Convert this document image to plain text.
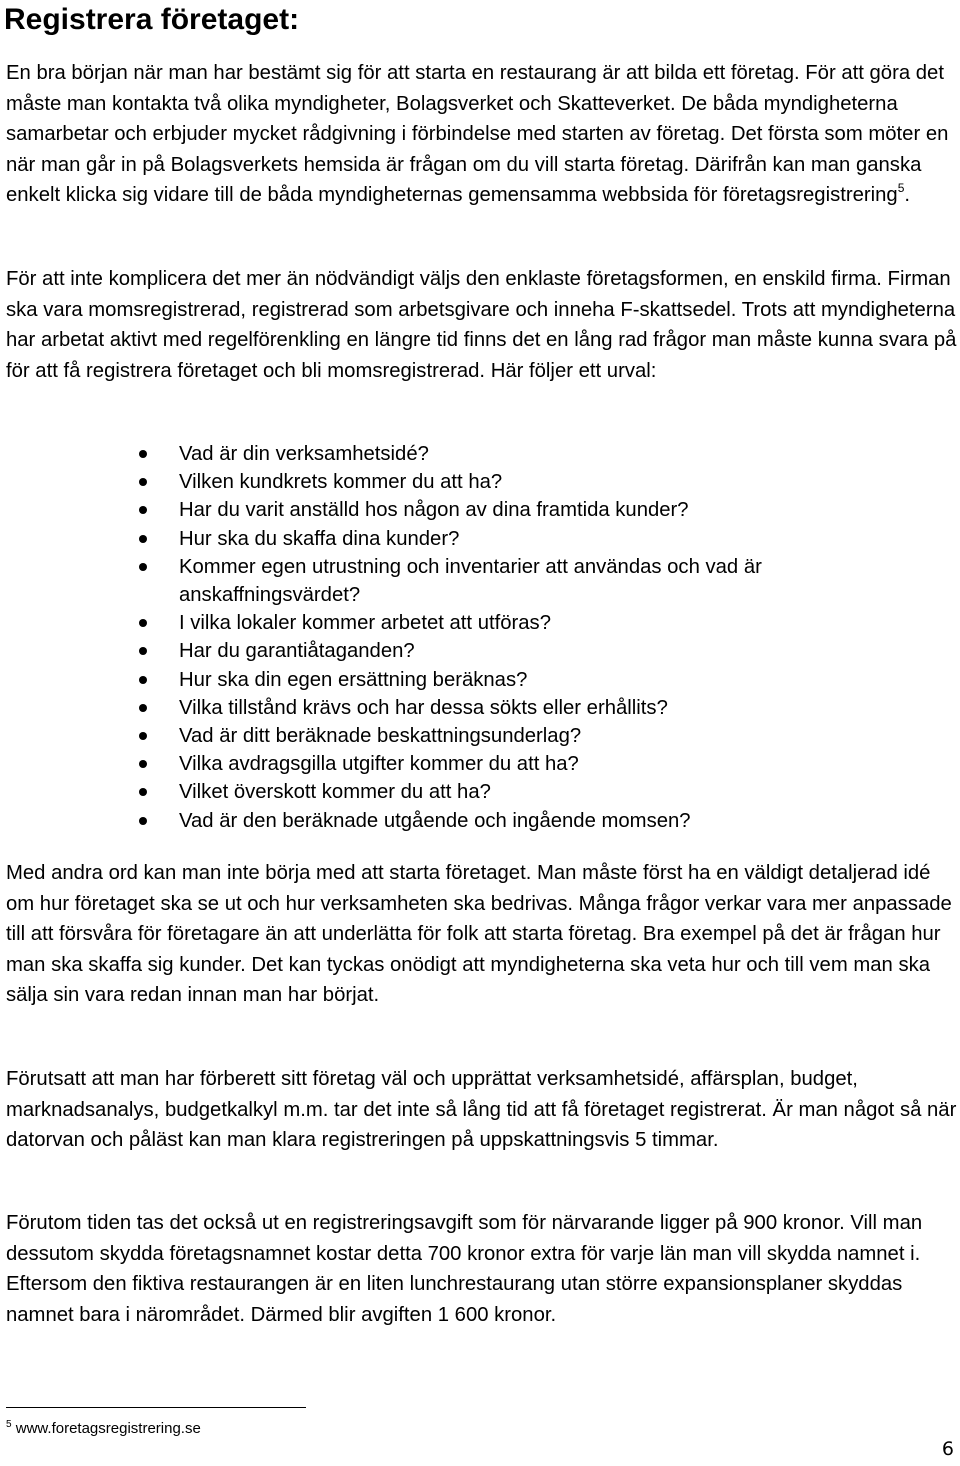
Registrera företaget:

En bra början när man har bestämt sig för att starta en restaurang är att bilda ett företag. För att göra det måste man kontakta två olika myndigheter, Bolagsverket och Skatteverket. De båda myndigheterna samarbetar och erbjuder mycket rådgivning i förbindelse med starten av företag. Det första som möter en när man går in på Bolagsverkets hemsida är frågan om du vill starta företag. Därifrån kan man ganska enkelt klicka sig vidare till de båda myndigheternas gemensamma webbsida för företagsregistrering$^5$.

För att inte komplicera det mer än nödvändigt väljs den enklaste företagsformen, en enskild firma. Firman ska vara momsregistrerad, registrerad som arbetsgivare och inneha F-skattsedel. Trots att myndigheterna har arbetat aktivt med regelförenkling en längre tid finns det en lång rad frågor man måste kunna svara på för att få registrera företaget och bli momsregistrerad. Här följer ett urval:

Vad är din verksamhetsidé?
Vilken kundkrets kommer du att ha?
Har du varit anställd hos någon av dina framtida kunder?
Hur ska du skaffa dina kunder?
Kommer egen utrustning och inventarier att användas och vad är anskaffningsvärdet?
I vilka lokaler kommer arbetet att utföras?
Har du garantiåtaganden?
Hur ska din egen ersättning beräknas?
Vilka tillstånd krävs och har dessa sökts eller erhållits?
Vad är ditt beräknade beskattningsunderlag?
Vilka avdragsgilla utgifter kommer du att ha?
Vilket överskott kommer du att ha?
Vad är den beräknade utgående och ingående momsen?

Med andra ord kan man inte börja med att starta företaget. Man måste först ha en väldigt detaljerad idé om hur företaget ska se ut och hur verksamheten ska bedrivas. Många frågor verkar vara mer anpassade till att försvåra för företagare än att underlätta för folk att starta företag. Bra exempel på det är frågan hur man ska skaffa sig kunder. Det kan tyckas onödigt att myndigheterna ska veta hur och till vem man ska sälja sin vara redan innan man har börjat.

Förutsatt att man har förberett sitt företag väl och upprättat verksamhetsidé, affärsplan, budget, marknadsanalys, budgetkalkyl m.m. tar det inte så lång tid att få företaget registrerat. Är man något så när datorvan och påläst kan man klara registreringen på uppskattningsvis 5 timmar.

Förutom tiden tas det också ut en registreringsavgift som för närvarande ligger på 900 kronor. Vill man dessutom skydda företagsnamnet kostar detta 700 kronor extra för varje län man vill skydda namnet i. Eftersom den fiktiva restaurangen är en liten lunchrestaurang utan större expansionsplaner skyddas namnet bara i närområdet. Därmed blir avgiften 1 600 kronor.

$^5$ www.foretagsregistrering.se

6
